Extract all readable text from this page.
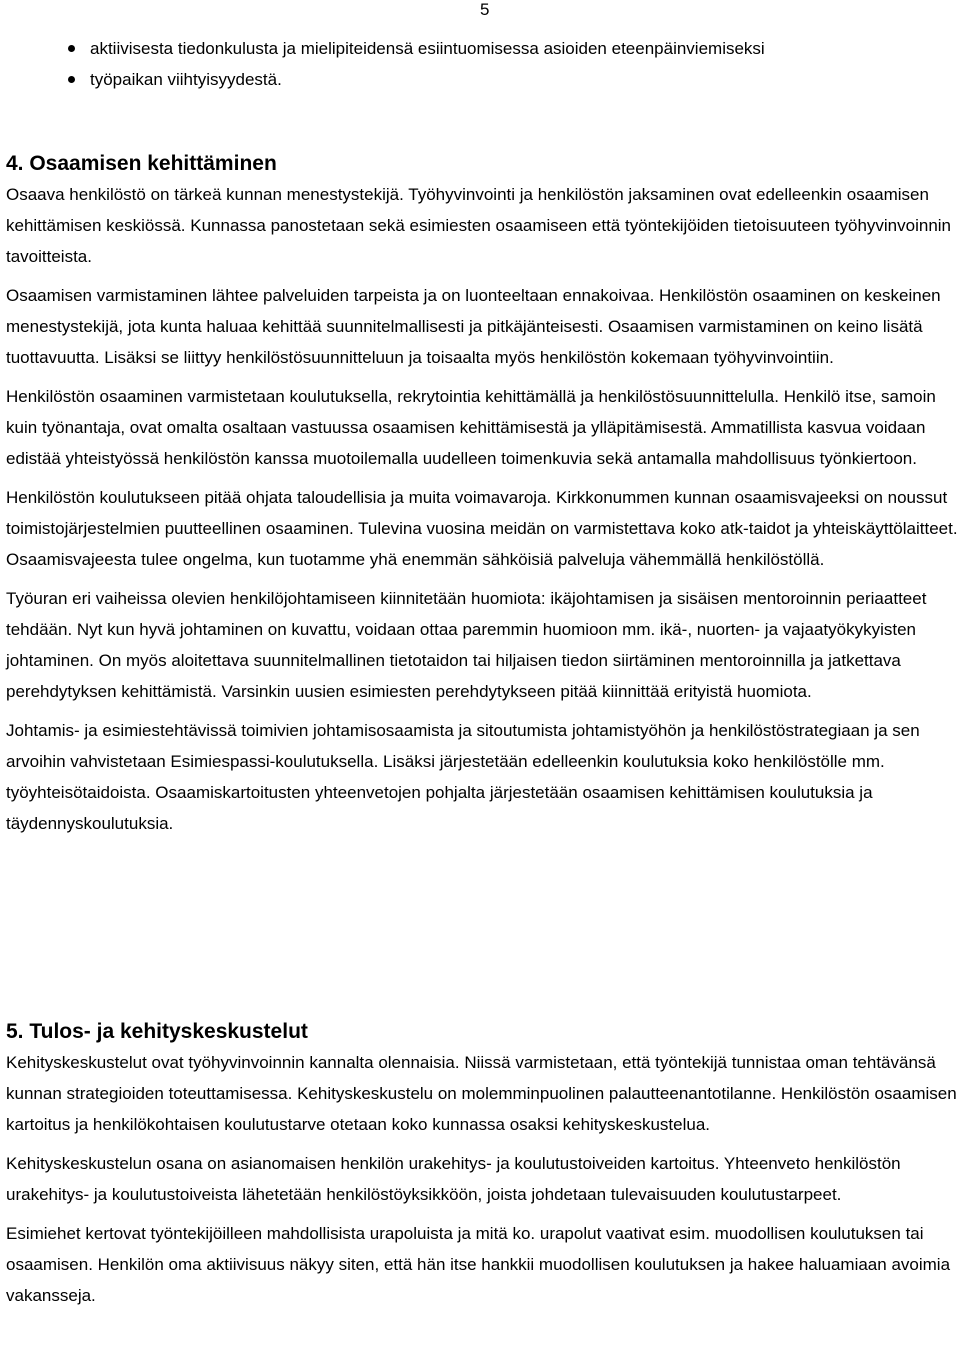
5
aktiivisesta tiedonkulusta ja mielipiteidensä esiintuomisessa asioiden eteenpäinviemiseksi
työpaikan viihtyisyydestä.
4. Osaamisen kehittäminen

Osaava henkilöstö on tärkeä kunnan menestystekijä. Työhyvinvointi ja henkilöstön jaksaminen ovat edelleenkin osaamisen kehittämisen keskiössä. Kunnassa panostetaan sekä esimiesten osaamiseen että työntekijöiden tietoisuuteen työhyvinvoinnin tavoitteista.

Osaamisen varmistaminen lähtee palveluiden tarpeista ja on luonteeltaan ennakoivaa. Henkilöstön osaaminen on keskeinen menestystekijä, jota kunta haluaa kehittää suunnitelmallisesti ja pitkäjänteisesti. Osaamisen varmistaminen on keino lisätä tuottavuutta. Lisäksi se liittyy henkilöstösuunnitteluun ja toisaalta myös henkilöstön kokemaan työhyvinvointiin.

Henkilöstön osaaminen varmistetaan koulutuksella, rekrytointia kehittämällä ja henkilöstösuunnittelulla. Henkilö itse, samoin kuin työnantaja, ovat omalta osaltaan vastuussa osaamisen kehittämisestä ja ylläpitämisestä. Ammatillista kasvua voidaan edistää yhteistyössä henkilöstön kanssa muotoilemalla uudelleen toimenkuvia sekä antamalla mahdollisuus työnkiertoon.

Henkilöstön koulutukseen pitää ohjata taloudellisia ja muita voimavaroja. Kirkkonummen kunnan osaamisvajeeksi on noussut toimistojärjestelmien puutteellinen osaaminen. Tulevina vuosina meidän on varmistettava koko atk-taidot ja yhteiskäyttölaitteet. Osaamisvajeesta tulee ongelma, kun tuotamme yhä enemmän sähköisiä palveluja vähemmällä henkilöstöllä.

Työuran eri vaiheissa olevien henkilöjohtamiseen kiinnitetään huomiota: ikäjohtamisen ja sisäisen mentoroinnin periaatteet tehdään. Nyt kun hyvä johtaminen on kuvattu, voidaan ottaa paremmin huomioon mm. ikä-, nuorten- ja vajaatyökykyisten johtaminen. On myös aloitettava suunnitelmallinen tietotaidon tai hiljaisen tiedon siirtäminen mentoroinnilla ja jatkettava perehdytyksen kehittämistä. Varsinkin uusien esimiesten perehdytykseen pitää kiinnittää erityistä huomiota.

Johtamis- ja esimiestehtävissä toimivien johtamisosaamista ja sitoutumista johtamistyöhön ja henkilöstöstrategiaan ja sen arvoihin vahvistetaan Esimiespassi-koulutuksella. Lisäksi järjestetään edelleenkin koulutuksia koko henkilöstölle mm. työyhteisötaidoista. Osaamiskartoitusten yhteenvetojen pohjalta järjestetään osaamisen kehittämisen koulutuksia ja täydennyskoulutuksia.

5. Tulos- ja kehityskeskustelut

Kehityskeskustelut ovat työhyvinvoinnin kannalta olennaisia. Niissä varmistetaan, että työntekijä tunnistaa oman tehtävänsä kunnan strategioiden toteuttamisessa. Kehityskeskustelu on molemminpuolinen palautteenantotilanne. Henkilöstön osaamisen kartoitus ja henkilökohtaisen koulutustarve otetaan koko kunnassa osaksi kehityskeskustelua.

Kehityskeskustelun osana on asianomaisen henkilön urakehitys- ja koulutustoiveiden kartoitus. Yhteenveto henkilöstön urakehitys- ja koulutustoiveista lähetetään henkilöstöyksikköön, joista johdetaan tulevaisuuden koulutustarpeet.

Esimiehet kertovat työntekijöilleen mahdollisista urapoluista ja mitä ko. urapolut vaativat esim. muodollisen koulutuksen tai osaamisen. Henkilön oma aktiivisuus näkyy siten, että hän itse hankkii muodollisen koulutuksen ja hakee haluamiaan avoimia vakansseja.
